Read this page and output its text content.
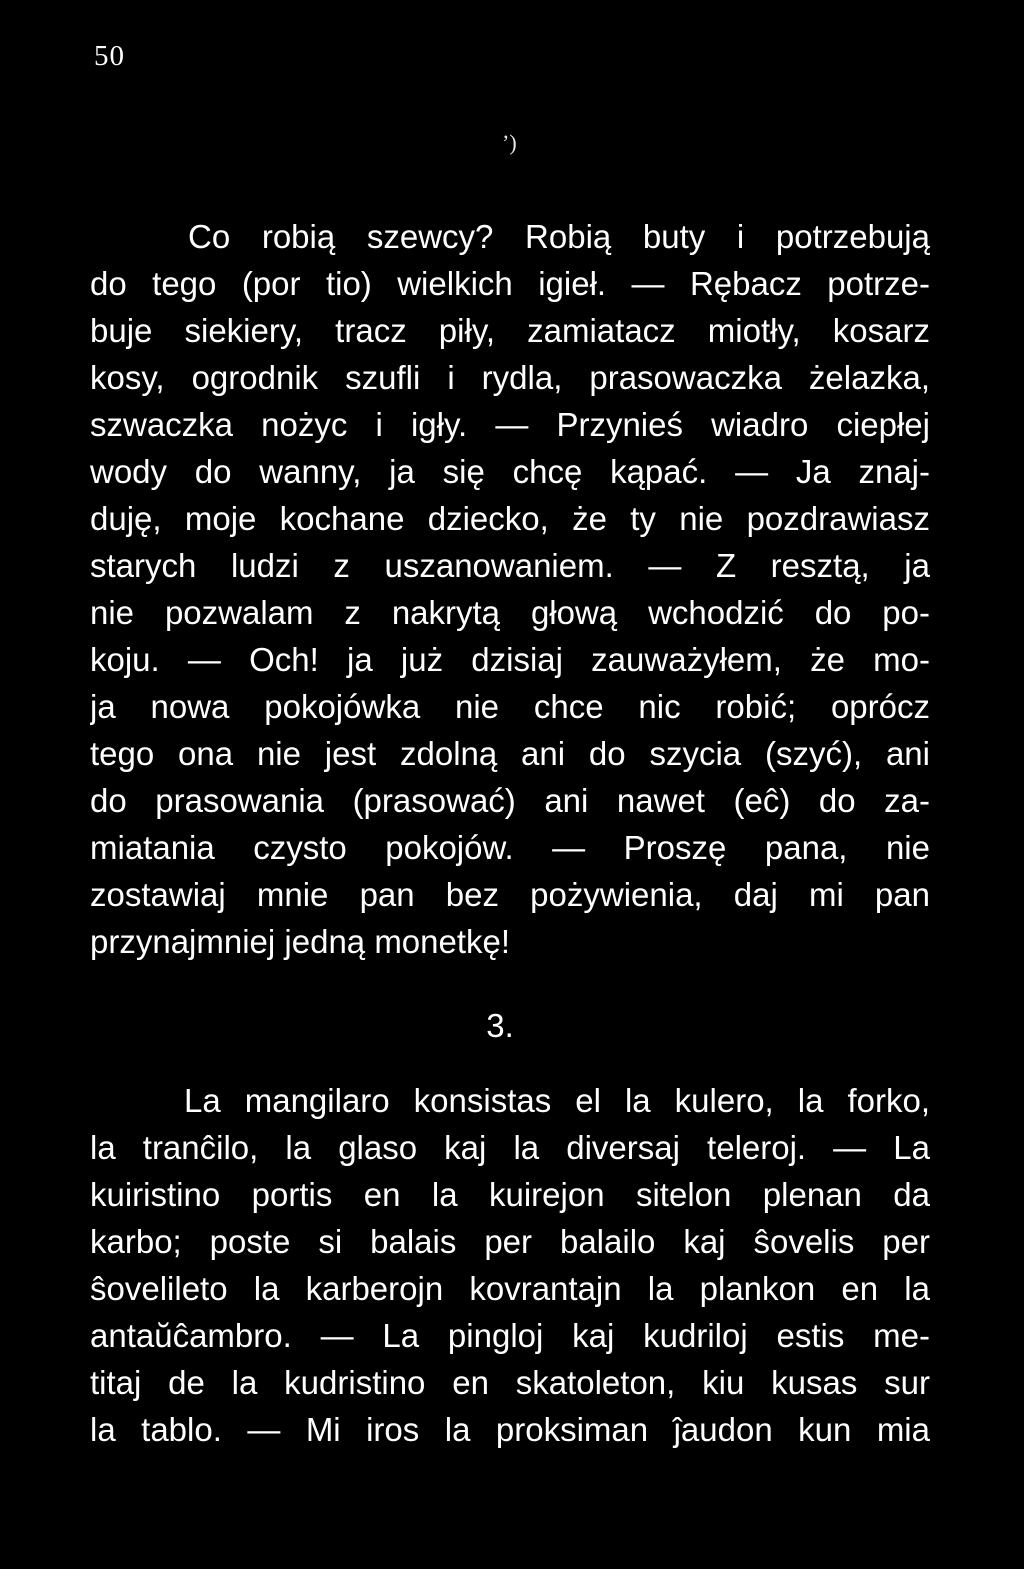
50
’)
Co robią szewcy? Robią buty i potrzebują
do tego (por tio) wielkich igieł. — Rębacz potrze-
buje siekiery, tracz piły, zamiatacz miotły, kosarz
kosy, ogrodnik szufli i rydla, prasowaczka żelazka,
szwaczka nożyc i igły. — Przynieś wiadro ciepłej
wody do wanny, ja się chcę kąpać. — Ja znaj-
duję, moje kochane dziecko, że ty nie pozdrawiasz
starych ludzi z uszanowaniem. — Z resztą, ja
nie pozwalam z nakrytą głową wchodzić do po-
koju. — Och! ja już dzisiaj zauważyłem, że mo-
ja nowa pokojówka nie chce nic robić; oprócz
tego ona nie jest zdolną ani do szycia (szyć), ani
do prasowania (prasować) ani nawet (eĉ) do za-
miatania czysto pokojów. — Proszę pana, nie
zostawiaj mnie pan bez pożywienia, daj mi pan
przynajmniej jedną monetkę!
3.
La mangilaro konsistas el la kulero, la forko,
la tranĉilo, la glaso kaj la diversaj teleroj. — La
kuiristino portis en la kuirejon sitelon plenan da
karbo; poste si balais per balailo kaj ŝovelis per
ŝovelileto la karberojn kovrantajn la plankon en la
antaŭĉambro. — La pingloj kaj kudriloj estis me-
titaj de la kudristino en skatoleton, kiu kusas sur
la tablo. — Mi iros la proksiman ĵaudon kun mia
